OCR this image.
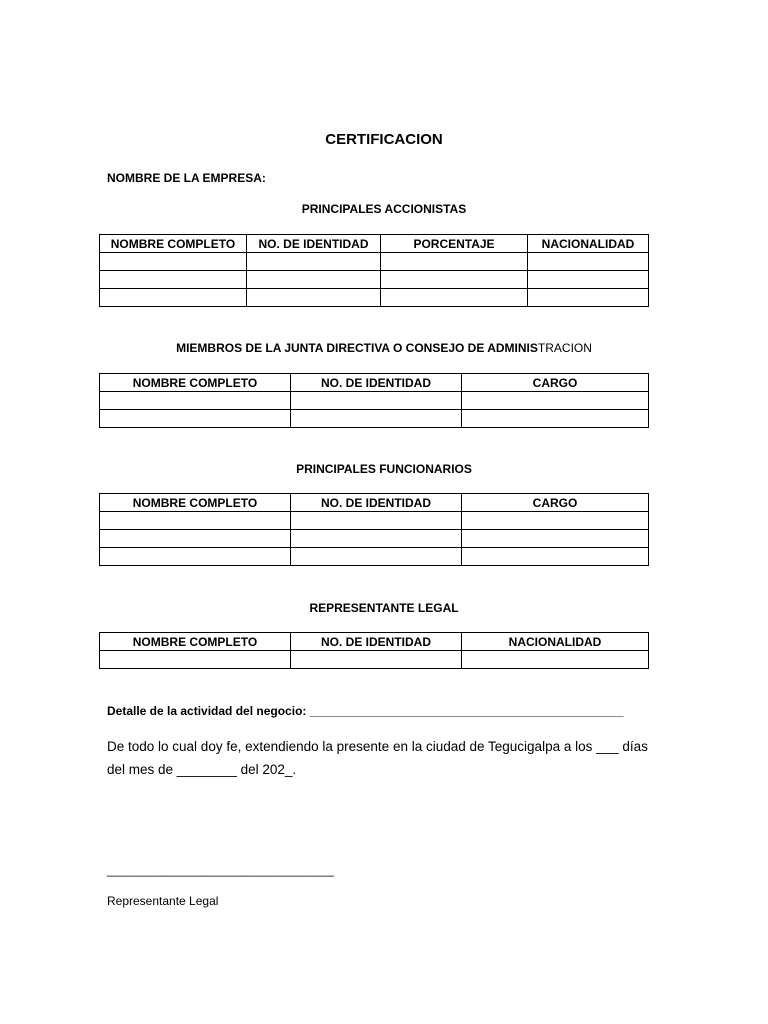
CERTIFICACION
NOMBRE DE LA EMPRESA:
PRINCIPALES ACCIONISTAS
NOMBRE COMPLETO	NO. DE IDENTIDAD	PORCENTAJE	NACIONALIDAD

MIEMBROS DE LA JUNTA DIRECTIVA O CONSEJO DE ADMINISTRACION
NOMBRE COMPLETO	NO. DE IDENTIDAD	CARGO

PRINCIPALES FUNCIONARIOS
NOMBRE COMPLETO	NO. DE IDENTIDAD	CARGO

REPRESENTANTE LEGAL
NOMBRE COMPLETO	NO. DE IDENTIDAD	NACIONALIDAD

Detalle de la actividad del negocio: _______________________________________________
De todo lo cual doy fe, extendiendo la presente en la ciudad de Tegucigalpa a los ___ días del mes de ________ del 202_.
__________________________________
Representante Legal
